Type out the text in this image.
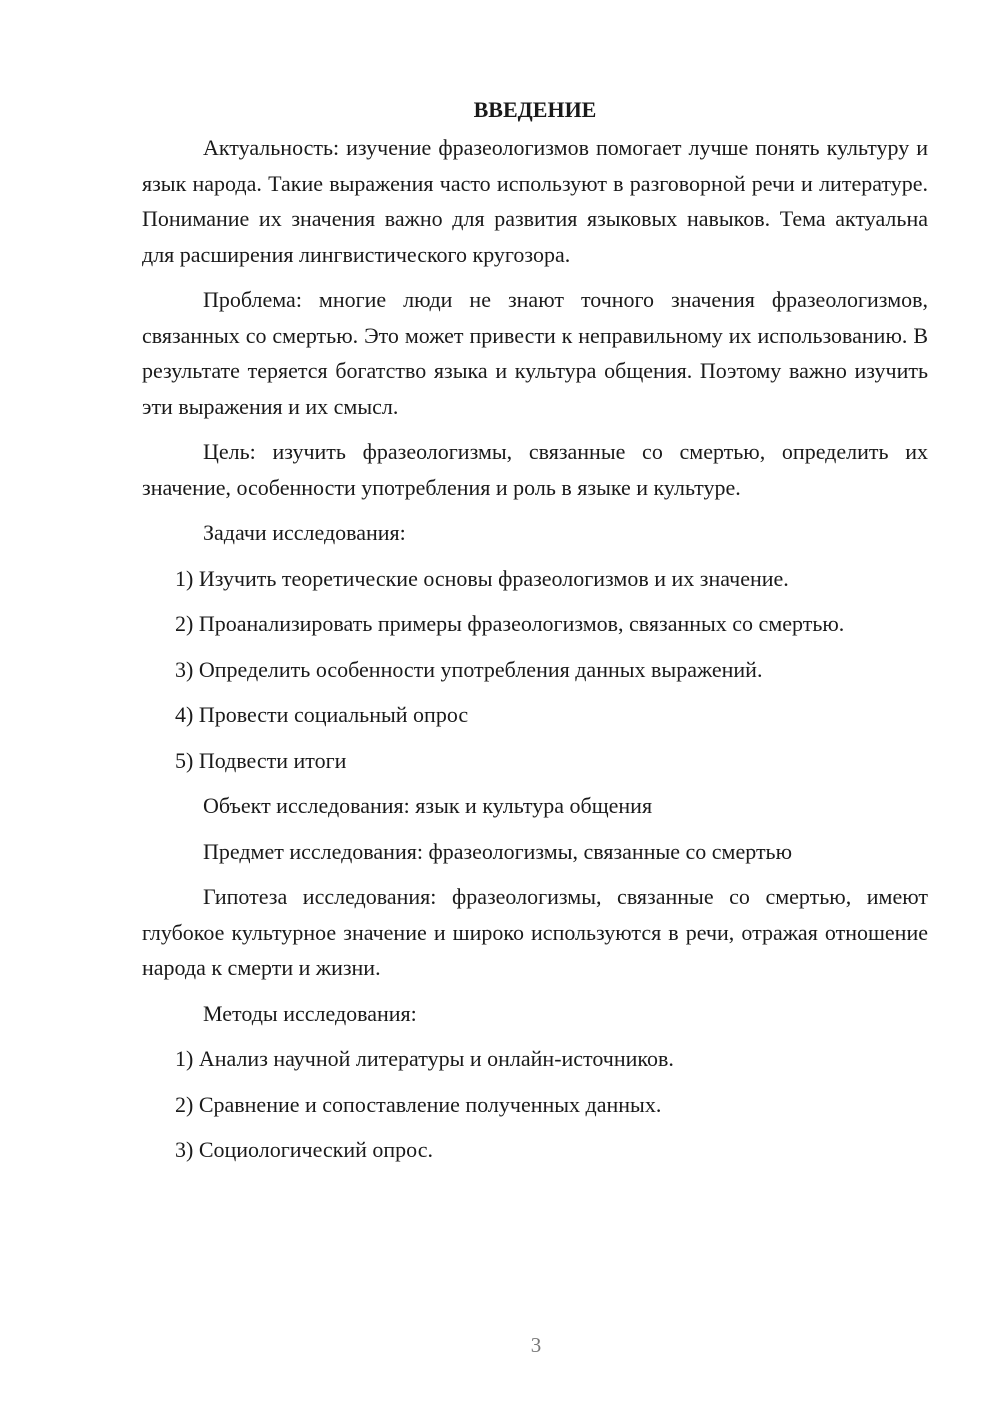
ВВЕДЕНИЕ

Актуальность: изучение фразеологизмов помогает лучше понять культуру и язык народа. Такие выражения часто используют в разговорной речи и литературе. Понимание их значения важно для развития языковых навыков. Тема актуальна для расширения лингвистического кругозора.

Проблема: многие люди не знают точного значения фразеологизмов, связанных со смертью. Это может привести к неправильному их использованию. В результате теряется богатство языка и культура общения. Поэтому важно изучить эти выражения и их смысл.

Цель: изучить фразеологизмы, связанные со смертью, определить их значение, особенности употребления и роль в языке и культуре.

Задачи исследования:

1) Изучить теоретические основы фразеологизмов и их значение.

2) Проанализировать примеры фразеологизмов, связанных со смертью.

3) Определить особенности употребления данных выражений.

4) Провести социальный опрос

5) Подвести итоги

Объект исследования: язык и культура общения

Предмет исследования: фразеологизмы, связанные со смертью

Гипотеза исследования: фразеологизмы, связанные со смертью, имеют глубокое культурное значение и широко используются в речи, отражая отношение народа к смерти и жизни.

Методы исследования:

1) Анализ научной литературы и онлайн-источников.

2) Сравнение и сопоставление полученных данных.

3) Социологический опрос.

3
